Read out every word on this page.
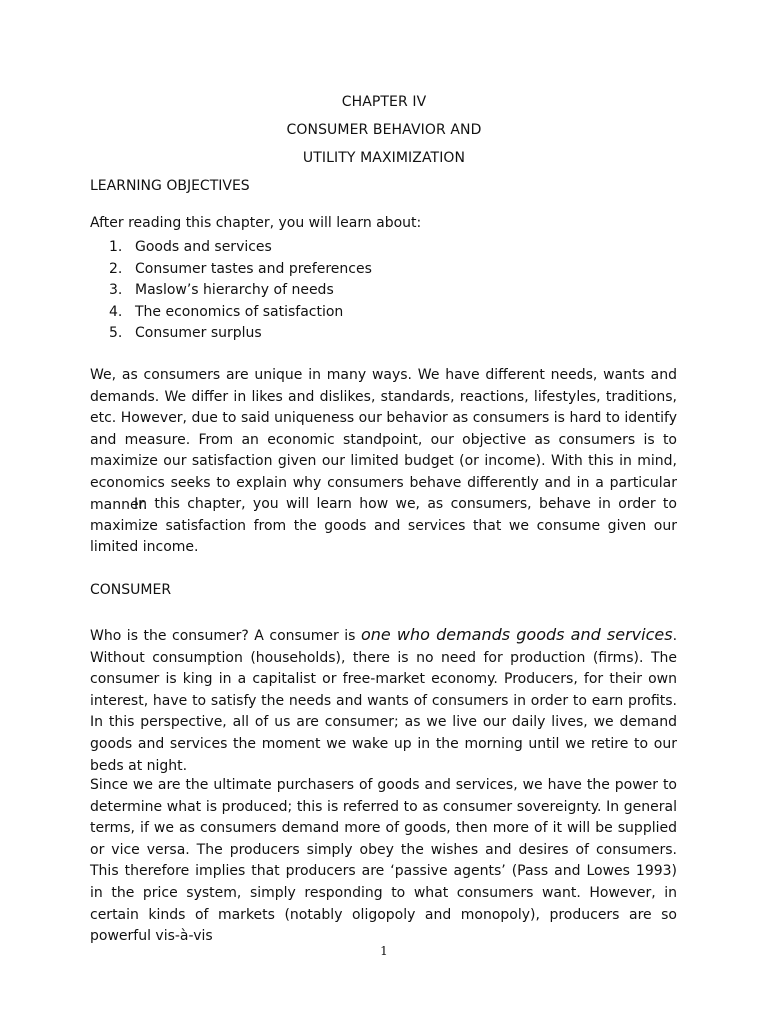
CHAPTER IV
CONSUMER BEHAVIOR AND
UTILITY MAXIMIZATION
LEARNING OBJECTIVES
After reading this chapter, you will learn about:
1. Goods and services
2. Consumer tastes and preferences
3. Maslow’s hierarchy of needs
4. The economics of satisfaction
5. Consumer surplus

We, as consumers are unique in many ways. We have different needs, wants and demands. We differ in likes and dislikes, standards, reactions, lifestyles, traditions, etc. However, due to said uniqueness our behavior as consumers is hard to identify and measure. From an economic standpoint, our objective as consumers is to maximize our satisfaction given our limited budget (or income). With this in mind, economics seeks to explain why consumers behave differently and in a particular manner.

In this chapter, you will learn how we, as consumers, behave in order to maximize satisfaction from the goods and services that we consume given our limited income.

CONSUMER

Who is the consumer? A consumer is one who demands goods and services. Without consumption (households), there is no need for production (firms). The consumer is king in a capitalist or free-market economy. Producers, for their own interest, have to satisfy the needs and wants of consumers in order to earn profits. In this perspective, all of us are consumer; as we live our daily lives, we demand goods and services the moment we wake up in the morning until we retire to our beds at night.

Since we are the ultimate purchasers of goods and services, we have the power to determine what is produced; this is referred to as consumer sovereignty. In general terms, if we as consumers demand more of goods, then more of it will be supplied or vice versa. The producers simply obey the wishes and desires of consumers. This therefore implies that producers are ‘passive agents’ (Pass and Lowes 1993) in the price system, simply responding to what consumers want. However, in certain kinds of markets (notably oligopoly and monopoly), producers are so powerful vis-à-vis

1
